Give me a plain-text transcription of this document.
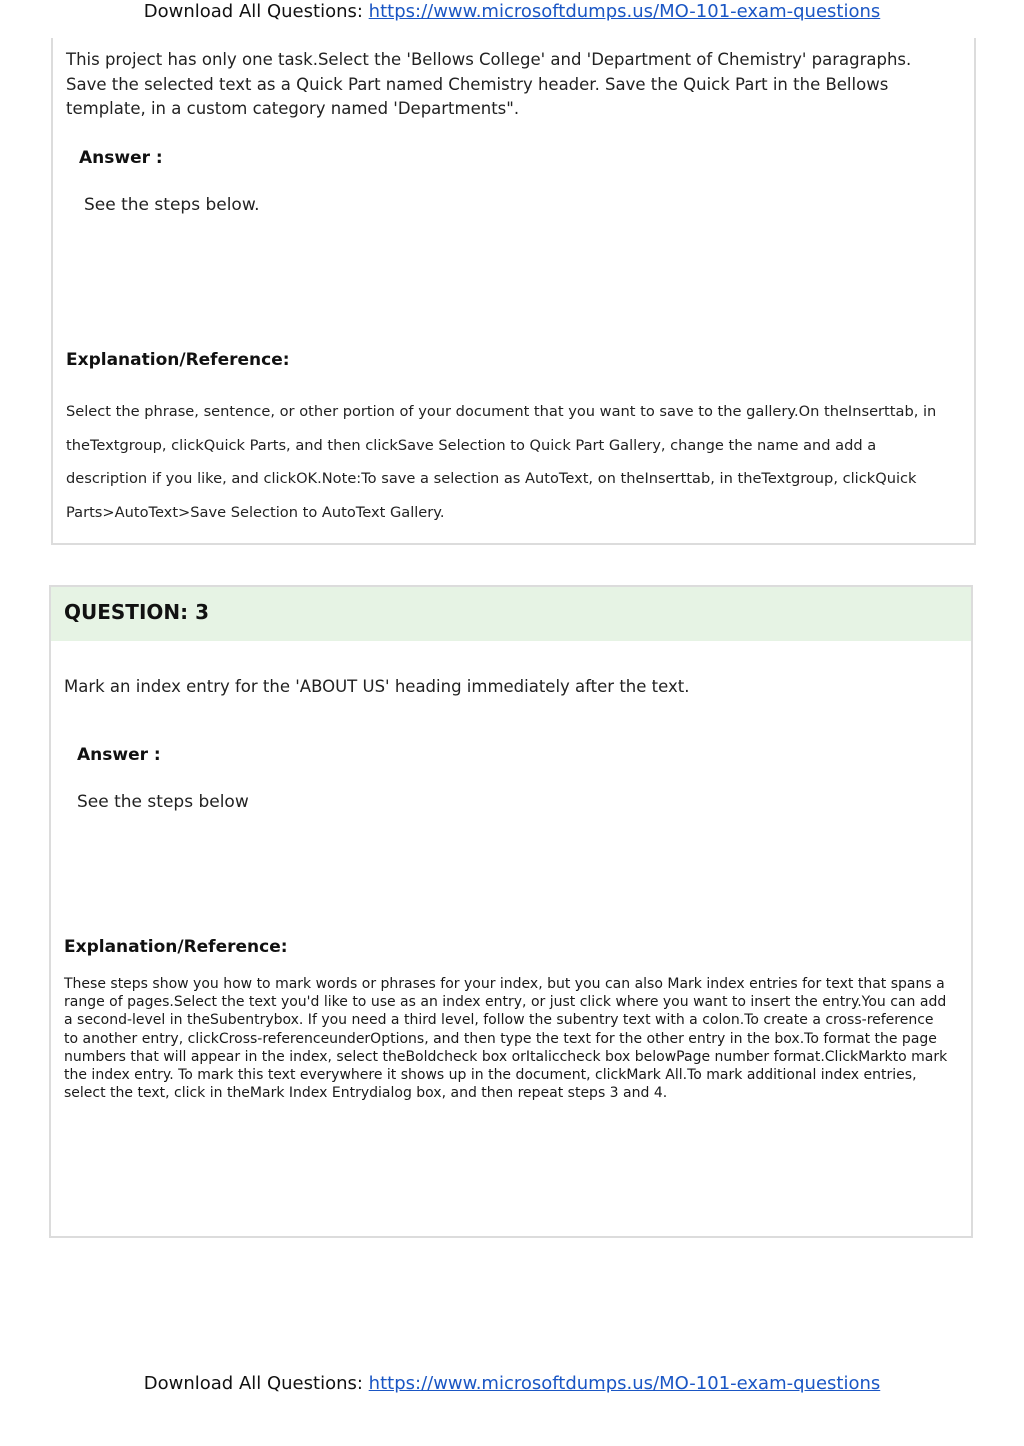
Download All Questions: https://www.microsoftdumps.us/MO-101-exam-questions
This project has only one task.Select the 'Bellows College' and 'Department of Chemistry' paragraphs. Save the selected text as a Quick Part named Chemistry header. Save the Quick Part in the Bellows template, in a custom category named 'Departments".
Answer :
See the steps below.
Explanation/Reference:
Select the phrase, sentence, or other portion of your document that you want to save to the gallery.On theInserttab, in theTextgroup, clickQuick Parts, and then clickSave Selection to Quick Part Gallery, change the name and add a description if you like, and clickOK.Note:To save a selection as AutoText, on theInserttab, in theTextgroup, clickQuick Parts>AutoText>Save Selection to AutoText Gallery.
QUESTION: 3
Mark an index entry for the 'ABOUT US' heading immediately after the text.
Answer :
See the steps below
Explanation/Reference:
These steps show you how to mark words or phrases for your index, but you can also Mark index entries for text that spans a range of pages.Select the text you'd like to use as an index entry, or just click where you want to insert the entry.You can add a second-level in theSubentrybox. If you need a third level, follow the subentry text with a colon.To create a cross-reference to another entry, clickCross-referenceunderOptions, and then type the text for the other entry in the box.To format the page numbers that will appear in the index, select theBoldcheck box orItaliccheck box belowPage number format.ClickMarkto mark the index entry. To mark this text everywhere it shows up in the document, clickMark All.To mark additional index entries, select the text, click in theMark Index Entrydialog box, and then repeat steps 3 and 4.
Download All Questions: https://www.microsoftdumps.us/MO-101-exam-questions
